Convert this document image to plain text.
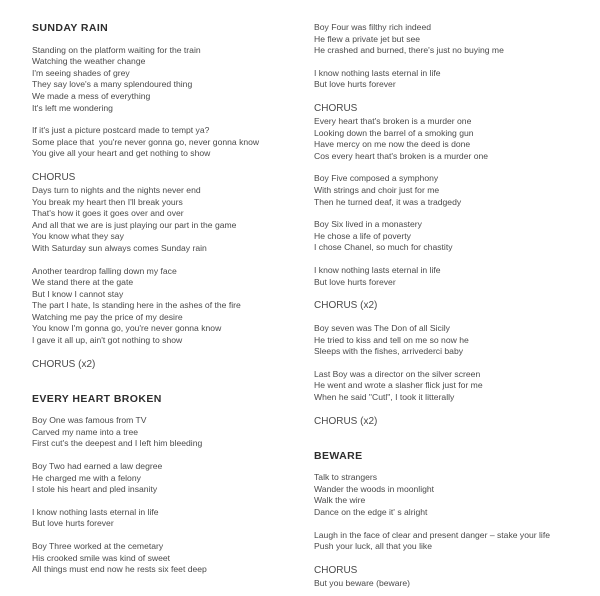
SUNDAY RAIN
Standing on the platform waiting for the train
Watching the weather change
I'm seeing shades of grey
They say love's a many splendoured thing
We made a mess of everything
It's left me wondering
If it's just a picture postcard made to tempt ya?
Some place that  you're never gonna go, never gonna know
You give all your heart and get nothing to show
CHORUS
Days turn to nights and the nights never end
You break my heart then I'll break yours
That's how it goes it goes over and over
And all that we are is just playing our part in the game
You know what they say
With Saturday sun always comes Sunday rain
Another teardrop falling down my face
We stand there at the gate
But I know I cannot stay
The part I hate, Is standing here in the ashes of the fire
Watching me pay the price of my desire
You know I'm gonna go, you're never gonna know
I gave it all up, ain't got nothing to show
CHORUS (x2)
EVERY HEART BROKEN
Boy One was famous from TV
Carved my name into a tree
First cut's the deepest and I left him bleeding
Boy Two had earned a law degree
He charged me with a felony
I stole his heart and pled insanity
I know nothing lasts eternal in life
But love hurts forever
Boy Three worked at the cemetary
His crooked smile was kind of sweet
All things must end now he rests six feet deep
Boy Four was filthy rich indeed
He flew a private jet but see
He crashed and burned, there's just no buying me
I know nothing lasts eternal in life
But love hurts forever
CHORUS
Every heart that's broken is a murder one
Looking down the barrel of a smoking gun
Have mercy on me now the deed is done
Cos every heart that's broken is a murder one
Boy Five composed a symphony
With strings and choir just for me
Then he turned deaf, it was a tradgedy
Boy Six lived in a monastery
He chose a life of poverty
I chose Chanel, so much for chastity
I know nothing lasts eternal in life
But love hurts forever
CHORUS (x2)
Boy seven was The Don of all Sicily
He tried to kiss and tell on me so now he
Sleeps with the fishes, arrivederci baby
Last Boy was a director on the silver screen
He went and wrote a slasher flick just for me
When he said "Cutl", I took it litterally
CHORUS (x2)
BEWARE
Talk to strangers
Wander the woods in moonlight
Walk the wire
Dance on the edge it' s alright
Laugh in the face of clear and present danger – stake your life
Push your luck, all that you like
CHORUS
But you beware (beware)
